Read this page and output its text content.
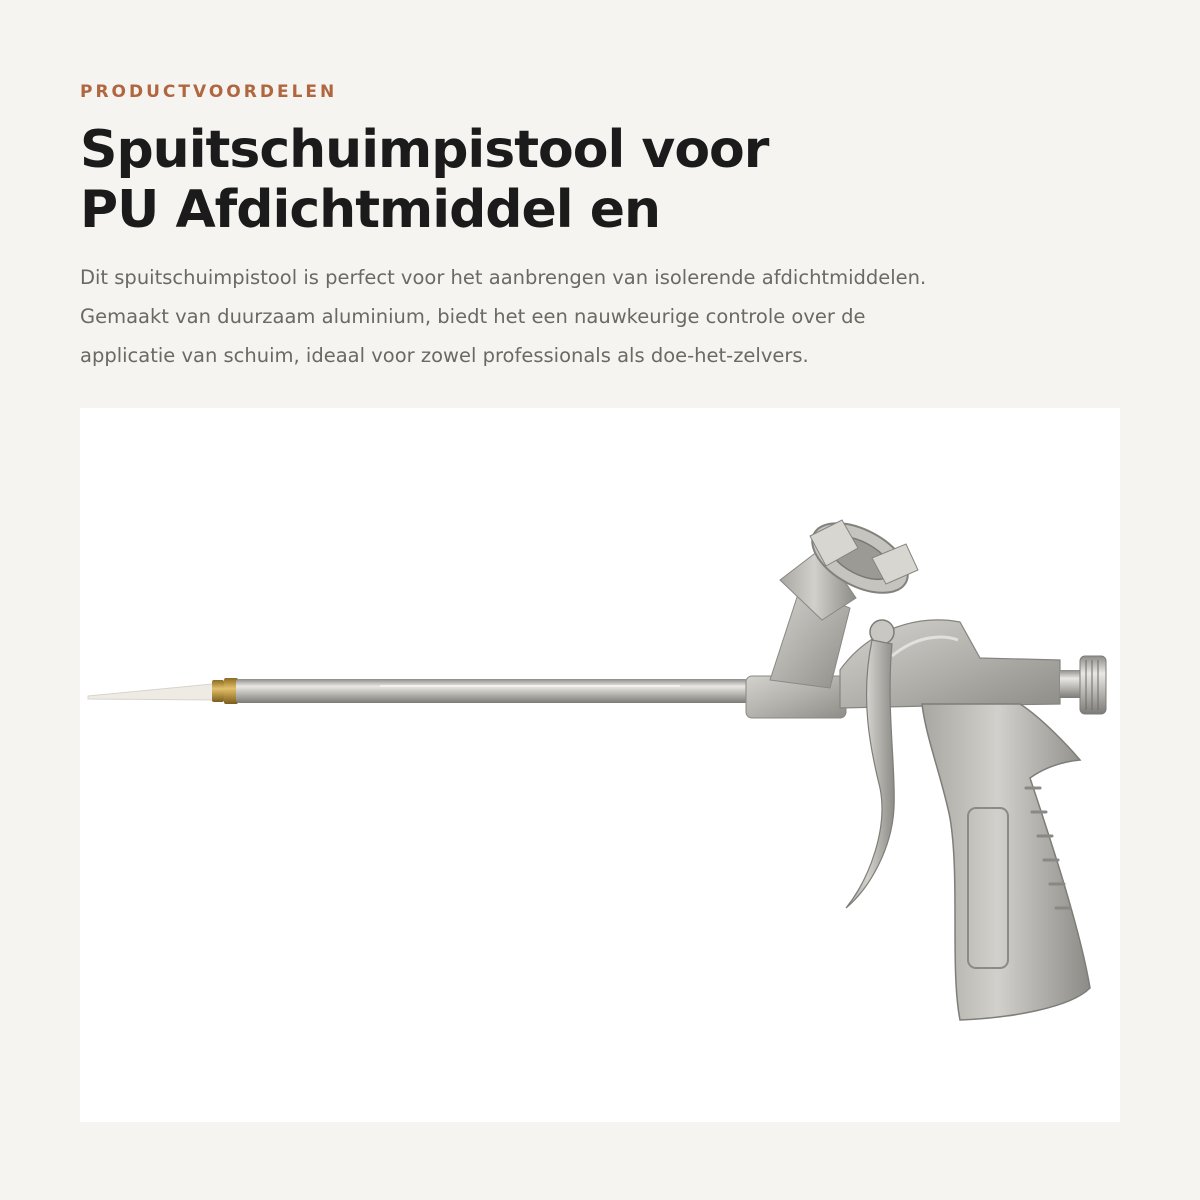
PRODUCTVOORDELEN

Spuitschuimpistool voor
PU Afdichtmiddel en

Dit spuitschuimpistool is perfect voor het aanbrengen van isolerende afdichtmiddelen.
Gemaakt van duurzaam aluminium, biedt het een nauwkeurige controle over de
applicatie van schuim, ideaal voor zowel professionals als doe-het-zelvers.
